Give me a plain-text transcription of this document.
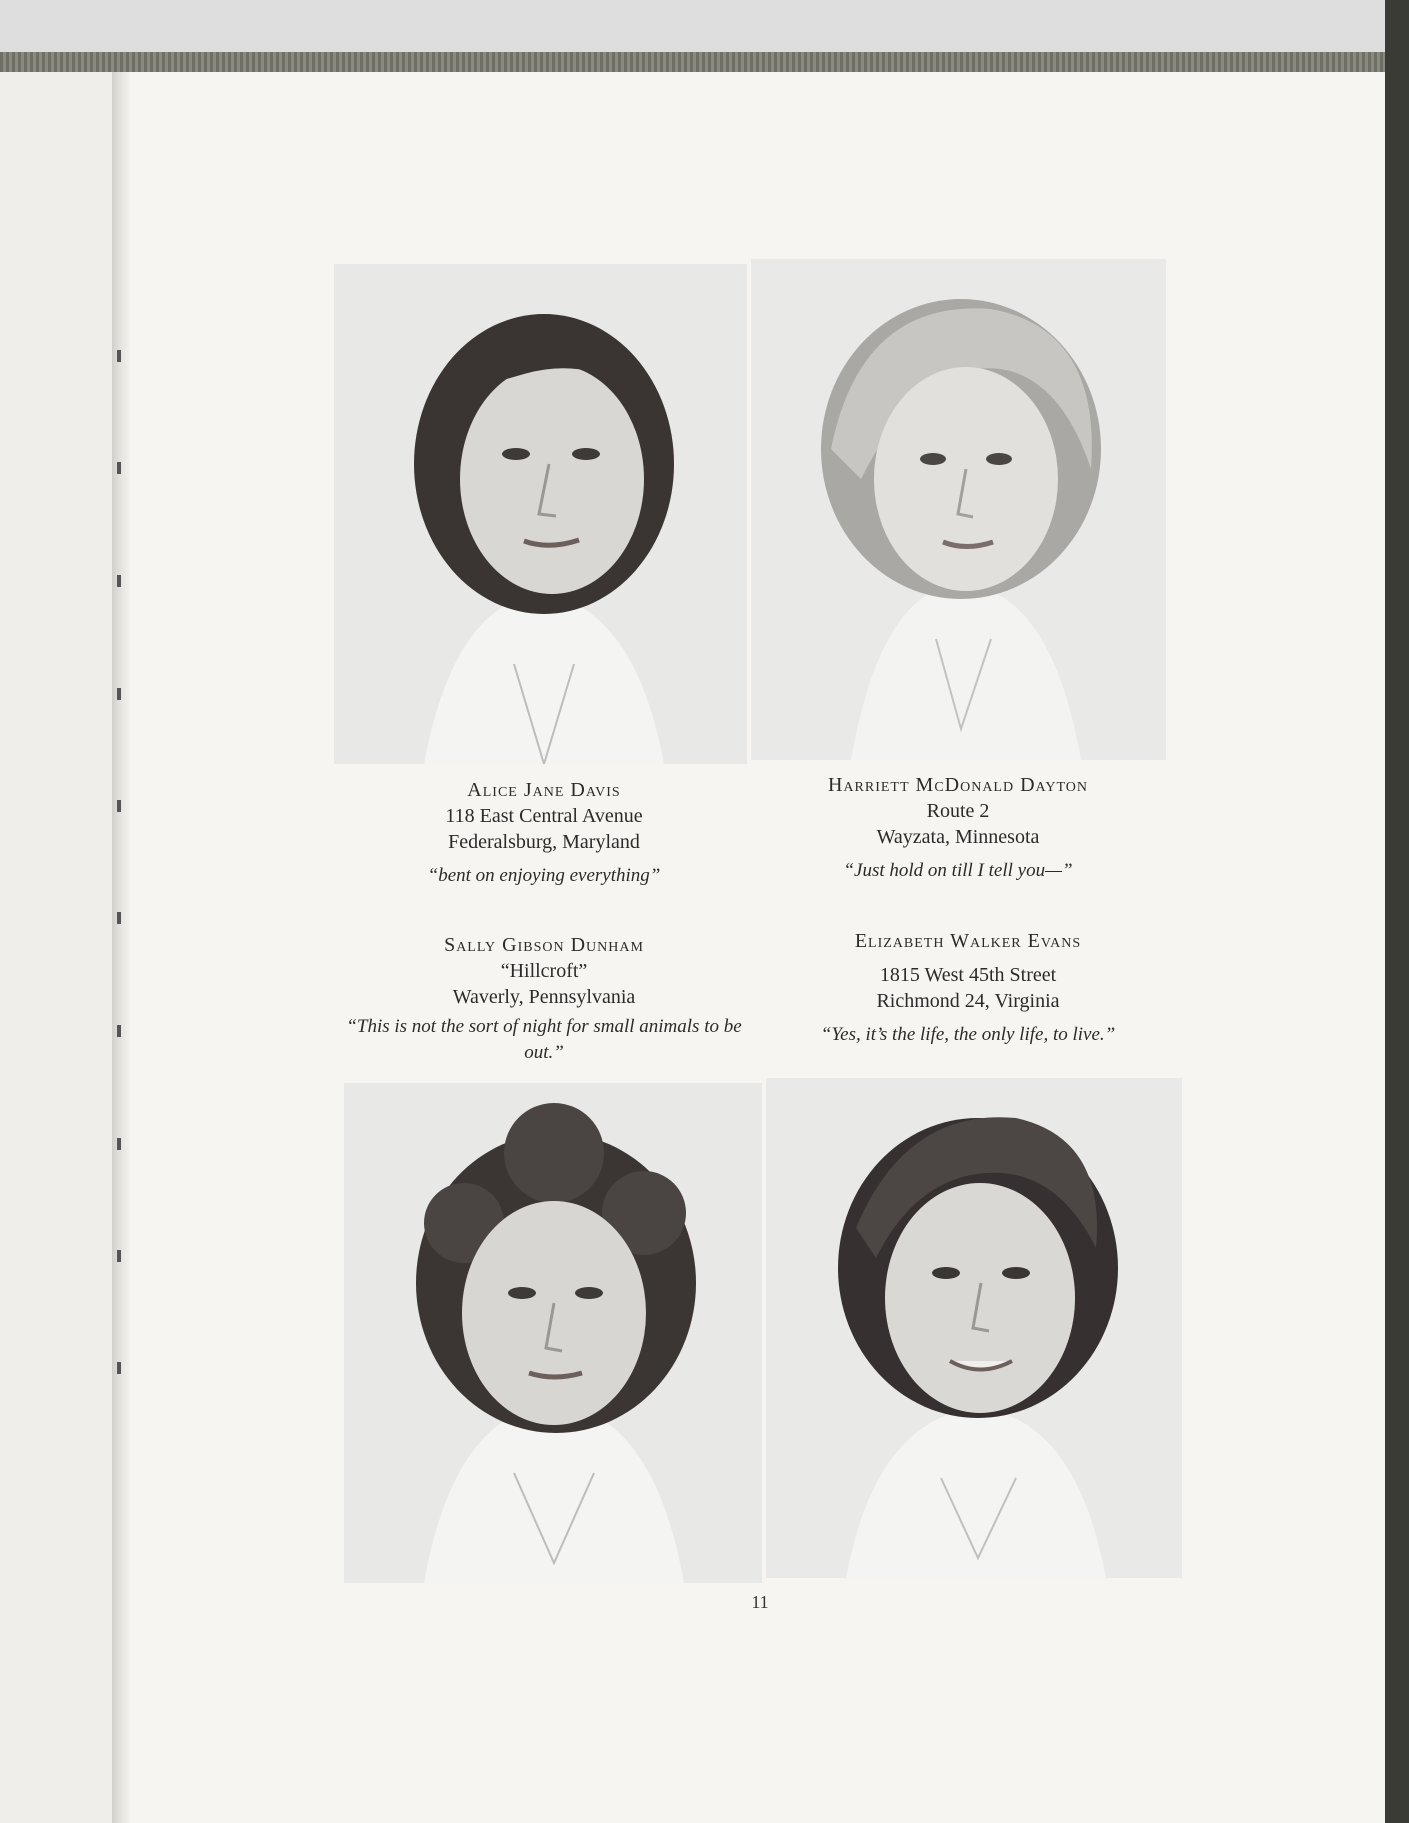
Alice Jane Davis

118 East Central Avenue

Federalsburg, Maryland

“bent on enjoying everything”

Harriett McDonald Dayton

Route 2

Wayzata, Minnesota

“Just hold on till I tell you—”

Sally Gibson Dunham

“Hillcroft”

Waverly, Pennsylvania

“This is not the sort of night for small animals to be out.”

Elizabeth Walker Evans

1815 West 45th Street

Richmond 24, Virginia

“Yes, it’s the life, the only life, to live.”

11
